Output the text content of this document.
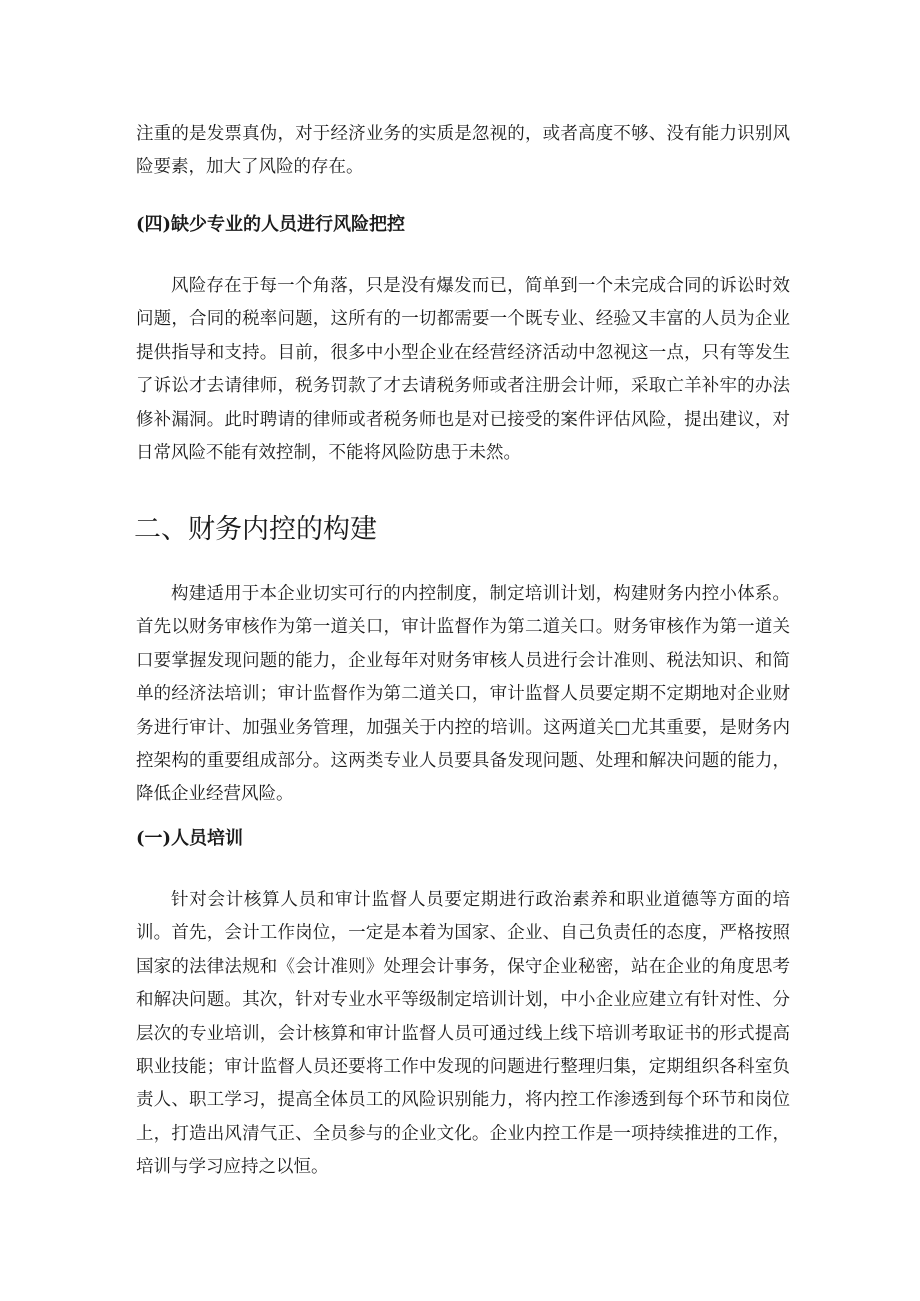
注重的是发票真伪，对于经济业务的实质是忽视的，或者高度不够、没有能力识别风险要素，加大了风险的存在。

(四)缺少专业的人员进行风险把控

风险存在于每一个角落，只是没有爆发而已，简单到一个未完成合同的诉讼时效问题，合同的税率问题，这所有的一切都需要一个既专业、经验又丰富的人员为企业提供指导和支持。目前，很多中小型企业在经营经济活动中忽视这一点，只有等发生了诉讼才去请律师，税务罚款了才去请税务师或者注册会计师，采取亡羊补牢的办法修补漏洞。此时聘请的律师或者税务师也是对已接受的案件评估风险，提出建议，对日常风险不能有效控制，不能将风险防患于未然。

二、财务内控的构建

构建适用于本企业切实可行的内控制度，制定培训计划，构建财务内控小体系。首先以财务审核作为第一道关口，审计监督作为第二道关口。财务审核作为第一道关口要掌握发现问题的能力，企业每年对财务审核人员进行会计准则、税法知识、和简单的经济法培训；审计监督作为第二道关口，审计监督人员要定期不定期地对企业财务进行审计、加强业务管理，加强关于内控的培训。这两道关□尤其重要，是财务内控架构的重要组成部分。这两类专业人员要具备发现问题、处理和解决问题的能力，降低企业经营风险。

(一)人员培训

针对会计核算人员和审计监督人员要定期进行政治素养和职业道德等方面的培训。首先，会计工作岗位，一定是本着为国家、企业、自己负责任的态度，严格按照国家的法律法规和《会计准则》处理会计事务，保守企业秘密，站在企业的角度思考和解决问题。其次，针对专业水平等级制定培训计划，中小企业应建立有针对性、分层次的专业培训，会计核算和审计监督人员可通过线上线下培训考取证书的形式提高职业技能；审计监督人员还要将工作中发现的问题进行整理归集，定期组织各科室负责人、职工学习，提高全体员工的风险识别能力，将内控工作渗透到每个环节和岗位上，打造出风清气正、全员参与的企业文化。企业内控工作是一项持续推进的工作，培训与学习应持之以恒。
